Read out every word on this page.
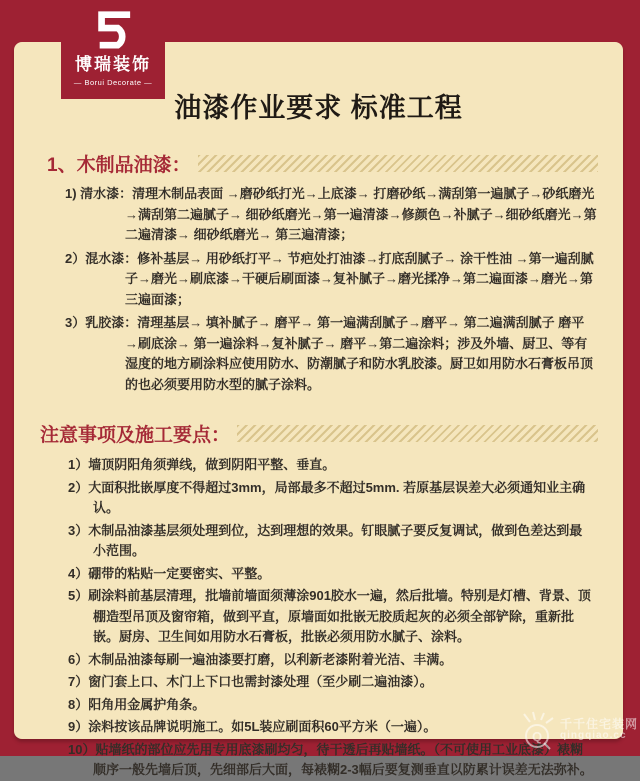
博瑞装饰
— Borui Decorate —
油漆作业要求 标准工程
1、木制品油漆：
1) 清水漆：清理木制品表面 →磨砂纸打光→上底漆→ 打磨砂纸→满刮第一遍腻子→砂纸磨光→满刮第二遍腻子→ 细砂纸磨光→第一遍清漆→修颜色→补腻子→细砂纸磨光→第二遍清漆→ 细砂纸磨光→ 第三遍清漆；
2）混水漆：修补基层→ 用砂纸打平→ 节疤处打油漆→打底刮腻子→ 涂干性油 →第一遍刮腻子→磨光→刷底漆→干硬后刷面漆→复补腻子→磨光揉净→第二遍面漆→磨光→第三遍面漆；
3）乳胶漆：清理基层→ 填补腻子→ 磨平→ 第一遍满刮腻子→磨平→ 第二遍满刮腻子 磨平→刷底涂→ 第一遍涂料→复补腻子→ 磨平→第二遍涂料；涉及外墙、厨卫、等有湿度的地方刷涂料应使用防水、防潮腻子和防水乳胶漆。厨卫如用防水石膏板吊顶的也必须要用防水型的腻子涂料。
注意事项及施工要点：
1）墙顶阴阳角须弹线，做到阴阳平整、垂直。
2）大面积批嵌厚度不得超过3mm，局部最多不超过5mm. 若原基层误差大必须通知业主确认。
3）木制品油漆基层须处理到位，达到理想的效果。钉眼腻子要反复调试，做到色差达到最小范围。
4）硼带的粘贴一定要密实、平整。
5）刷涂料前基层清理，批墙前墙面须薄涂901胶水一遍，然后批墙。特别是灯槽、背景、顶棚造型吊顶及窗帘箱，做到平直，原墙面如批嵌无胶质起灰的必须全部铲除，重新批嵌。厨房、卫生间如用防水石膏板，批嵌必须用防水腻子、涂料。
6）木制品油漆每刷一遍油漆要打磨，以利新老漆附着光洁、丰满。
7）窗门套上口、木门上下口也需封漆处理（至少刷二遍油漆）。
8）阳角用金属护角条。
9）涂料按该品牌说明施工。如5L装应刷面积60平方米（一遍）。
10）贴墙纸的部位应先用专用底漆刷均匀，待干透后再贴墙纸。（不可使用工业底漆）裱糊顺序一般先墙后顶，先细部后大面，每裱糊2-3幅后要复测垂直以防累计误差无法弥补。
Q
千千住宅装网
qingqiao.cc
